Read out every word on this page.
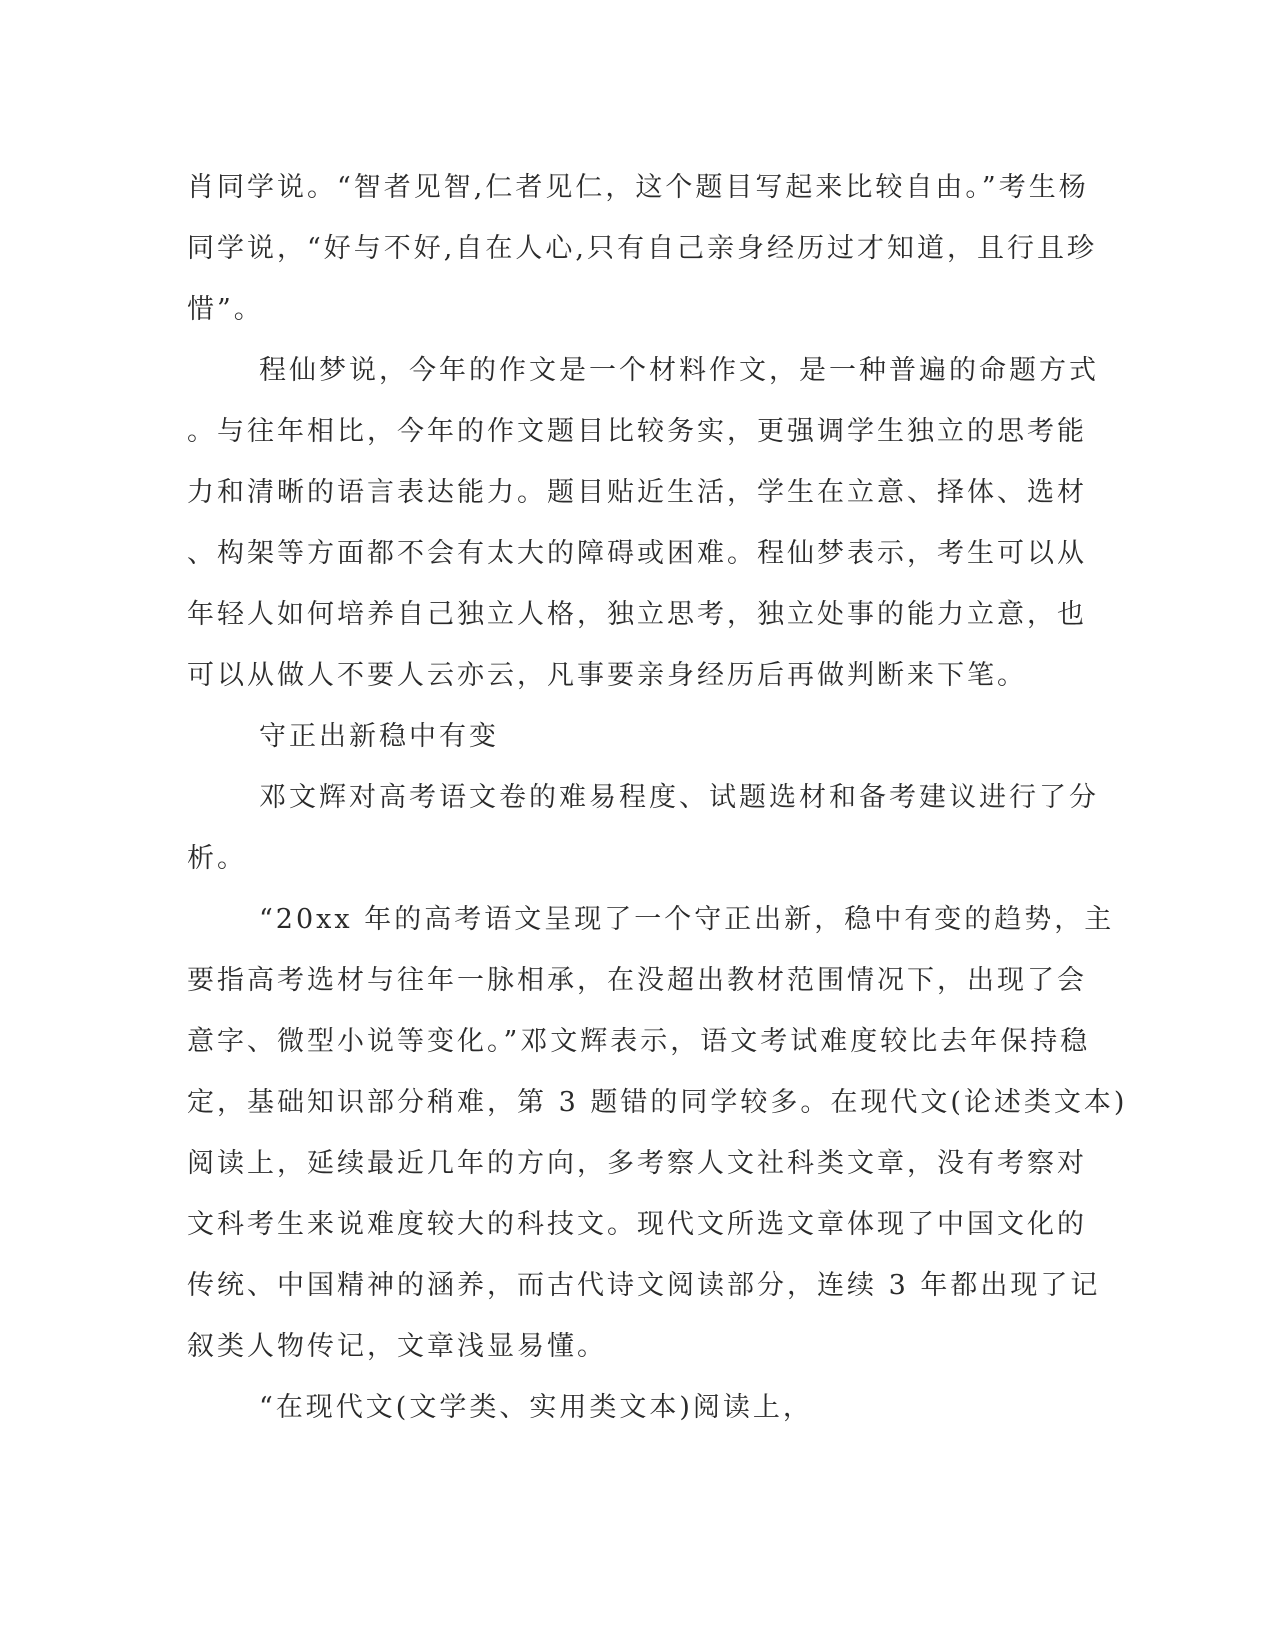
肖同学说。“智者见智,仁者见仁，这个题目写起来比较自由。”考生杨
同学说，“好与不好,自在人心,只有自己亲身经历过才知道，且行且珍
惜”。
程仙梦说，今年的作文是一个材料作文，是一种普遍的命题方式
。与往年相比，今年的作文题目比较务实，更强调学生独立的思考能
力和清晰的语言表达能力。题目贴近生活，学生在立意、择体、选材
、构架等方面都不会有太大的障碍或困难。程仙梦表示，考生可以从
年轻人如何培养自己独立人格，独立思考，独立处事的能力立意，也
可以从做人不要人云亦云，凡事要亲身经历后再做判断来下笔。
守正出新稳中有变
邓文辉对高考语文卷的难易程度、试题选材和备考建议进行了分
析。
“20xx 年的高考语文呈现了一个守正出新，稳中有变的趋势，主
要指高考选材与往年一脉相承，在没超出教材范围情况下，出现了会
意字、微型小说等变化。”邓文辉表示，语文考试难度较比去年保持稳
定，基础知识部分稍难，第 3 题错的同学较多。在现代文(论述类文本)
阅读上，延续最近几年的方向，多考察人文社科类文章，没有考察对
文科考生来说难度较大的科技文。现代文所选文章体现了中国文化的
传统、中国精神的涵养，而古代诗文阅读部分，连续 3 年都出现了记
叙类人物传记，文章浅显易懂。
“在现代文(文学类、实用类文本)阅读上，
